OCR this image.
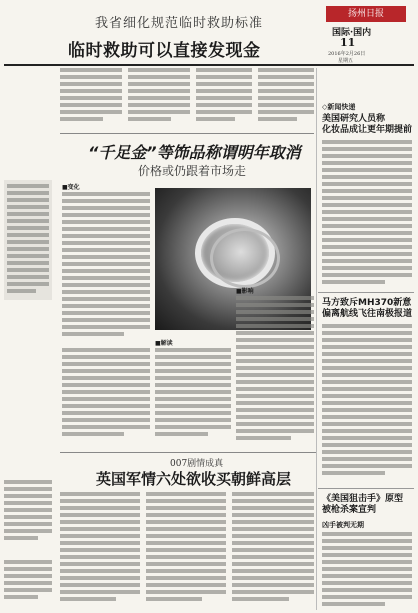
扬州日报
国际·国内
11
2016年2月26日
星期五
我省细化规范临时救助标准
临时救助可以直接发现金
“千足金”等饰品称谓明年取消
价格或仍跟着市场走
■变化
■解读
■影响
007剧情成真
英国军情六处欲收买朝鲜高层
◇新闻快递
美国研究人员称
化妆品成让更年期提前
马方致斥MH370新意
偏离航线飞往南极报道
《美国狙击手》原型
被枪杀案宣判
凶手被判无期
